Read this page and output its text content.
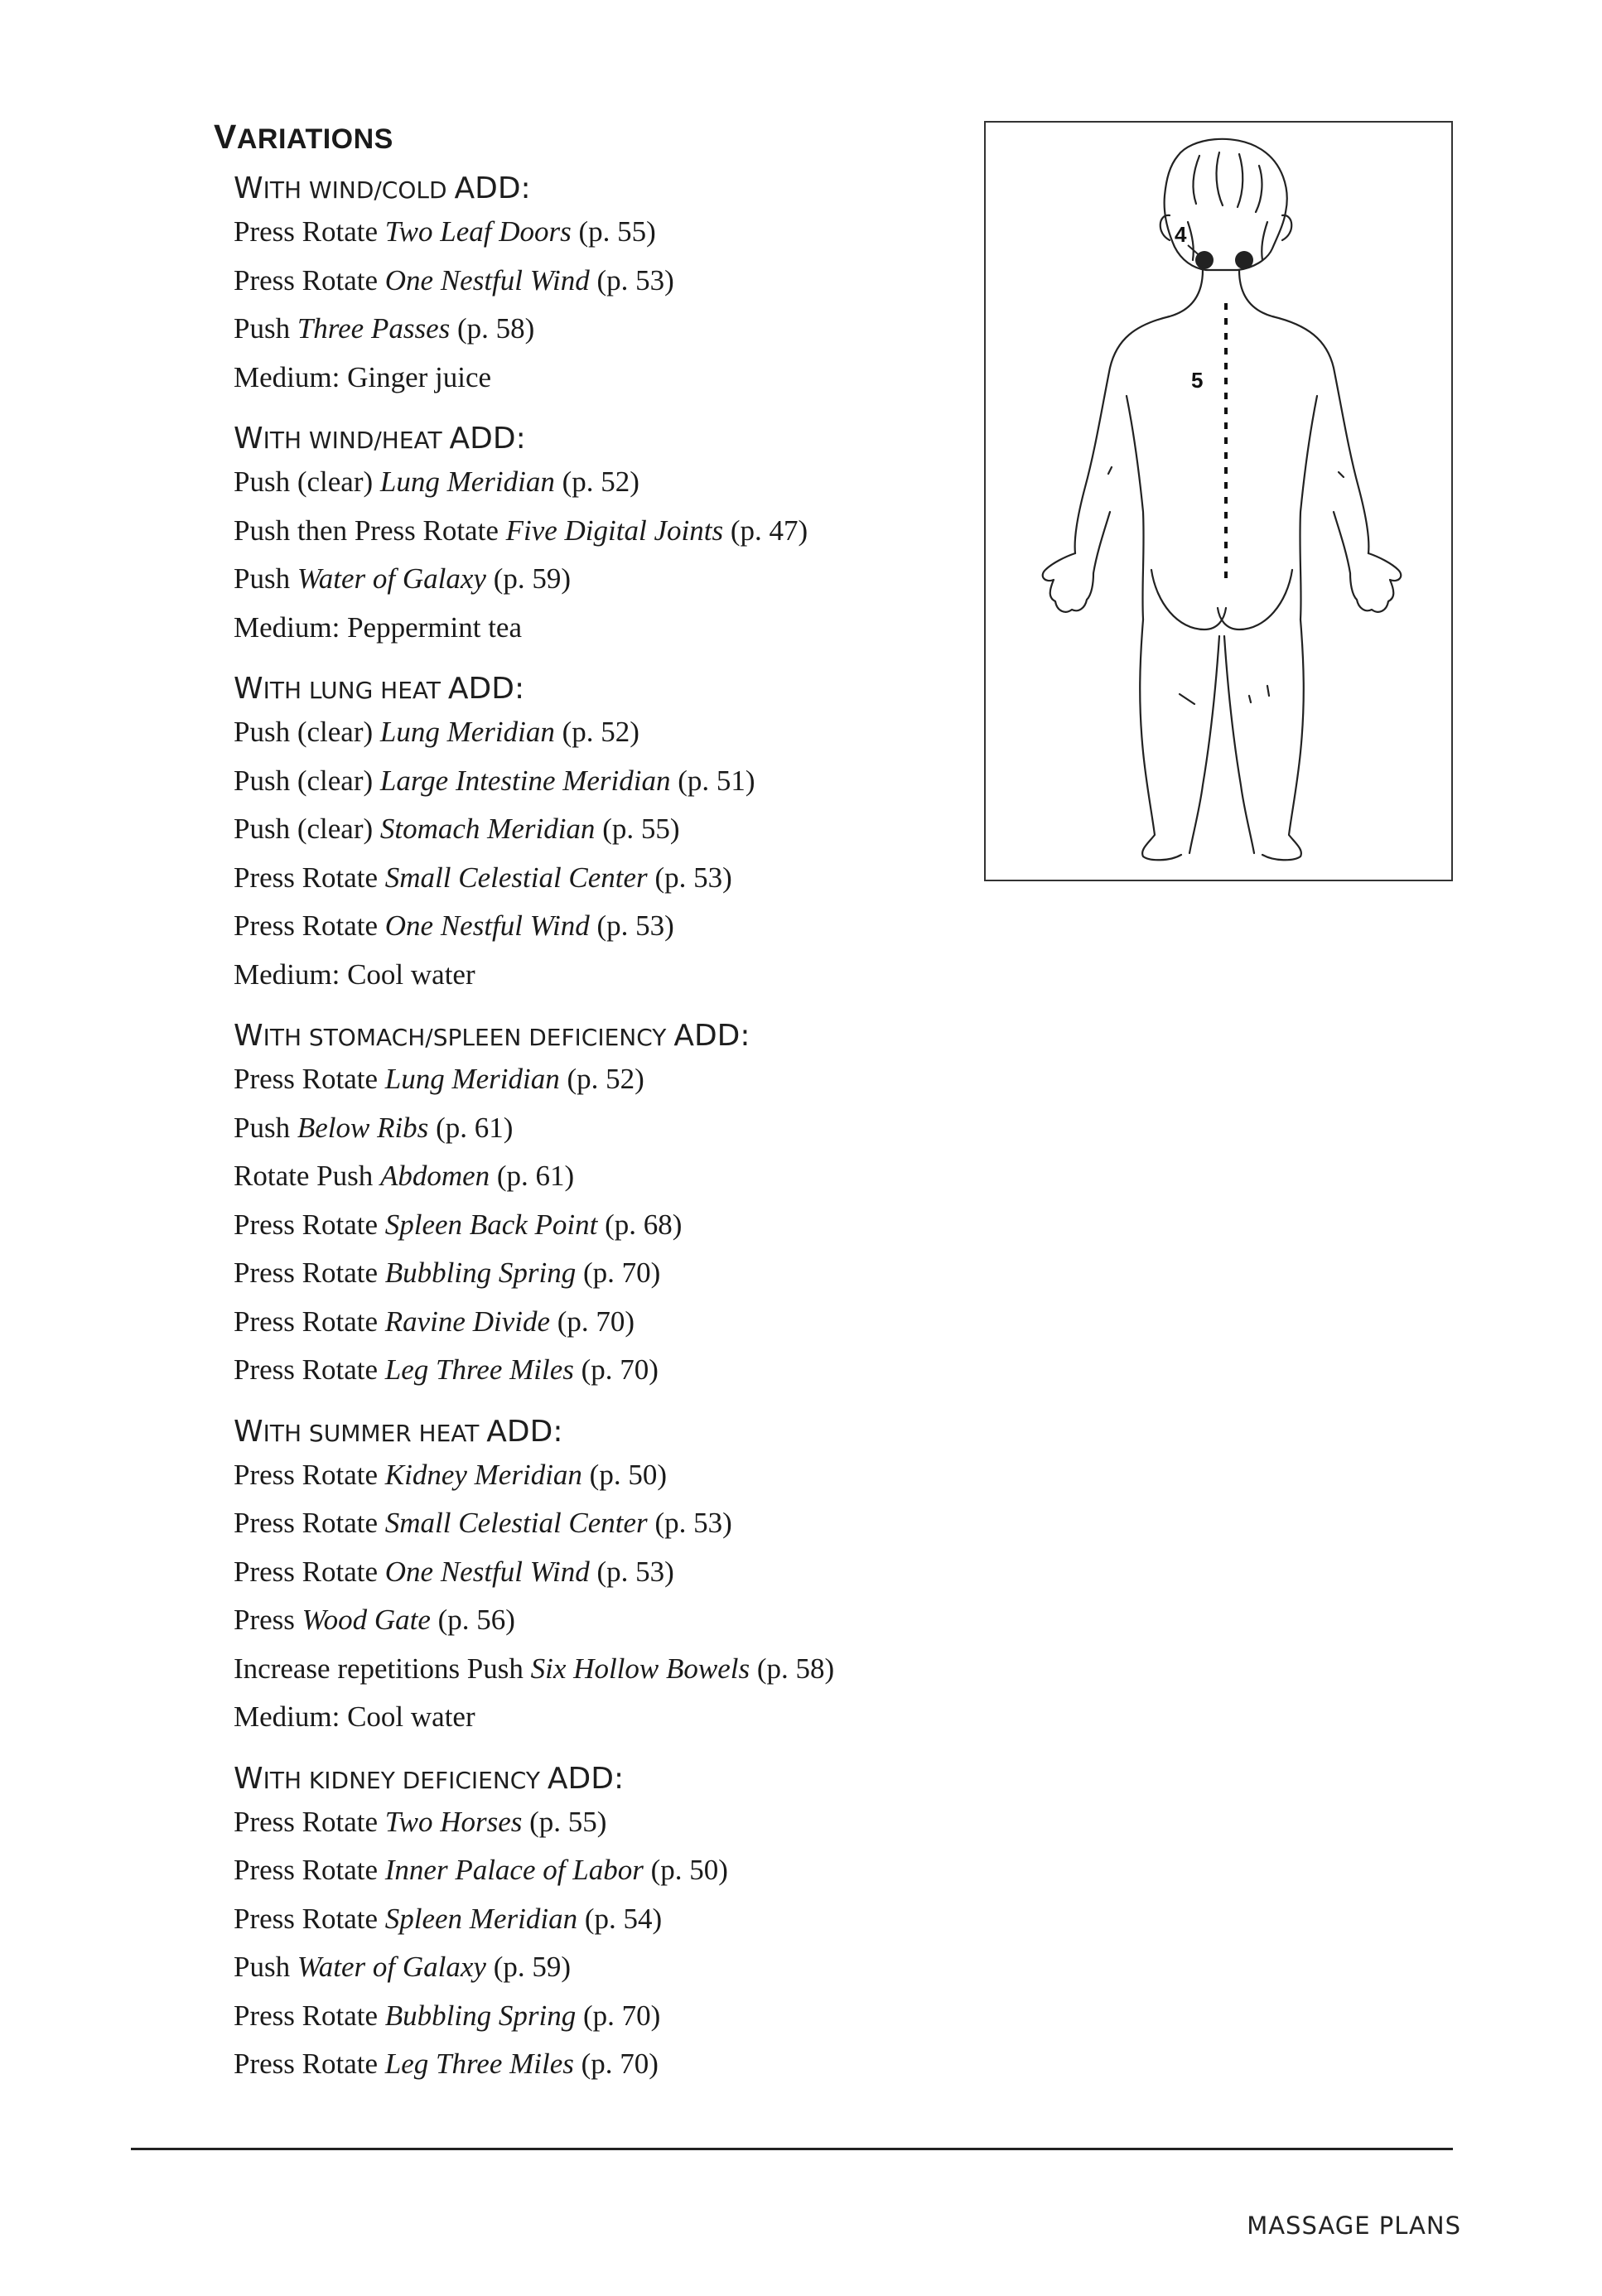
VARIATIONS
WITH WIND/COLD ADD:
Press Rotate Two Leaf Doors (p. 55)
Press Rotate One Nestful Wind (p. 53)
Push Three Passes (p. 58)
Medium: Ginger juice
WITH WIND/HEAT ADD:
Push (clear) Lung Meridian (p. 52)
Push then Press Rotate Five Digital Joints (p. 47)
Push Water of Galaxy (p. 59)
Medium: Peppermint tea
WITH LUNG HEAT ADD:
Push (clear) Lung Meridian (p. 52)
Push (clear) Large Intestine Meridian (p. 51)
Push (clear) Stomach Meridian (p. 55)
Press Rotate Small Celestial Center (p. 53)
Press Rotate One Nestful Wind (p. 53)
Medium: Cool water
WITH STOMACH/SPLEEN DEFICIENCY ADD:
Press Rotate Lung Meridian (p. 52)
Push Below Ribs (p. 61)
Rotate Push Abdomen (p. 61)
Press Rotate Spleen Back Point (p. 68)
Press Rotate Bubbling Spring (p. 70)
Press Rotate Ravine Divide (p. 70)
Press Rotate Leg Three Miles (p. 70)
WITH SUMMER HEAT ADD:
Press Rotate Kidney Meridian (p. 50)
Press Rotate Small Celestial Center (p. 53)
Press Rotate One Nestful Wind (p. 53)
Press Wood Gate (p. 56)
Increase repetitions Push Six Hollow Bowels (p. 58)
Medium: Cool water
WITH KIDNEY DEFICIENCY ADD:
Press Rotate Two Horses (p. 55)
Press Rotate Inner Palace of Labor (p. 50)
Press Rotate Spleen Meridian (p. 54)
Push Water of Galaxy (p. 59)
Press Rotate Bubbling Spring (p. 70)
Press Rotate Leg Three Miles (p. 70)
4
5
MASSAGE PLANS
